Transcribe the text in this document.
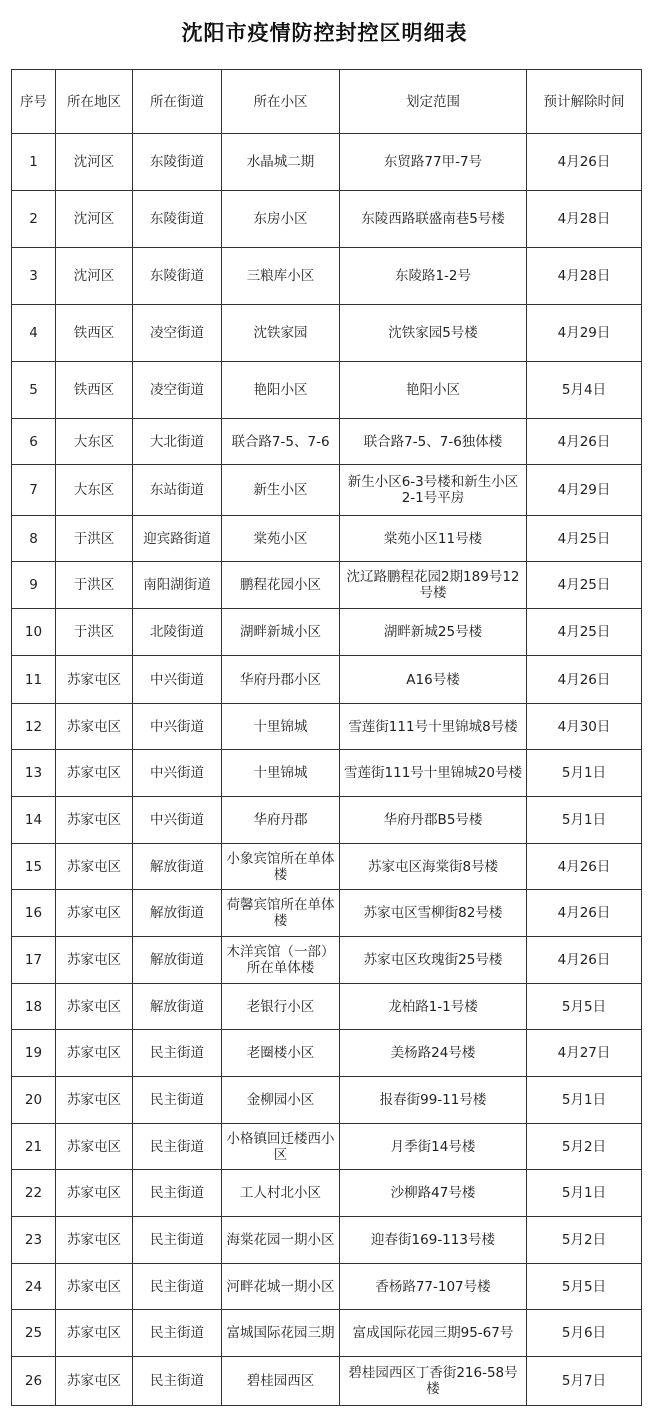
沈阳市疫情防控封控区明细表
序号	所在地区	所在街道	所在小区	划定范围	预计解除时间
1	沈河区	东陵街道	水晶城二期	东贸路77甲-7号	4月26日
2	沈河区	东陵街道	东房小区	东陵西路联盛南巷5号楼	4月28日
3	沈河区	东陵街道	三粮库小区	东陵路1-2号	4月28日
4	铁西区	凌空街道	沈铁家园	沈铁家园5号楼	4月29日
5	铁西区	凌空街道	艳阳小区	艳阳小区	5月4日
6	大东区	大北街道	联合路7-5、7-6	联合路7-5、7-6独体楼	4月26日
7	大东区	东站街道	新生小区	新生小区6-3号楼和新生小区2-1号平房	4月29日
8	于洪区	迎宾路街道	棠苑小区	棠苑小区11号楼	4月25日
9	于洪区	南阳湖街道	鹏程花园小区	沈辽路鹏程花园2期189号12号楼	4月25日
10	于洪区	北陵街道	湖畔新城小区	湖畔新城25号楼	4月25日
11	苏家屯区	中兴街道	华府丹郡小区	A16号楼	4月26日
12	苏家屯区	中兴街道	十里锦城	雪莲街111号十里锦城8号楼	4月30日
13	苏家屯区	中兴街道	十里锦城	雪莲街111号十里锦城20号楼	5月1日
14	苏家屯区	中兴街道	华府丹郡	华府丹郡B5号楼	5月1日
15	苏家屯区	解放街道	小象宾馆所在单体楼	苏家屯区海棠街8号楼	4月26日
16	苏家屯区	解放街道	荷馨宾馆所在单体楼	苏家屯区雪柳街82号楼	4月26日
17	苏家屯区	解放街道	木洋宾馆（一部）所在单体楼	苏家屯区玫瑰街25号楼	4月26日
18	苏家屯区	解放街道	老银行小区	龙柏路1-1号楼	5月5日
19	苏家屯区	民主街道	老圈楼小区	美杨路24号楼	4月27日
20	苏家屯区	民主街道	金柳园小区	报春街99-11号楼	5月1日
21	苏家屯区	民主街道	小格镇回迁楼西小区	月季街14号楼	5月2日
22	苏家屯区	民主街道	工人村北小区	沙柳路47号楼	5月1日
23	苏家屯区	民主街道	海棠花园一期小区	迎春街169-113号楼	5月2日
24	苏家屯区	民主街道	河畔花城一期小区	香杨路77-107号楼	5月5日
25	苏家屯区	民主街道	富城国际花园三期	富成国际花园三期95-67号	5月6日
26	苏家屯区	民主街道	碧桂园西区	碧桂园西区丁香街216-58号楼	5月7日
